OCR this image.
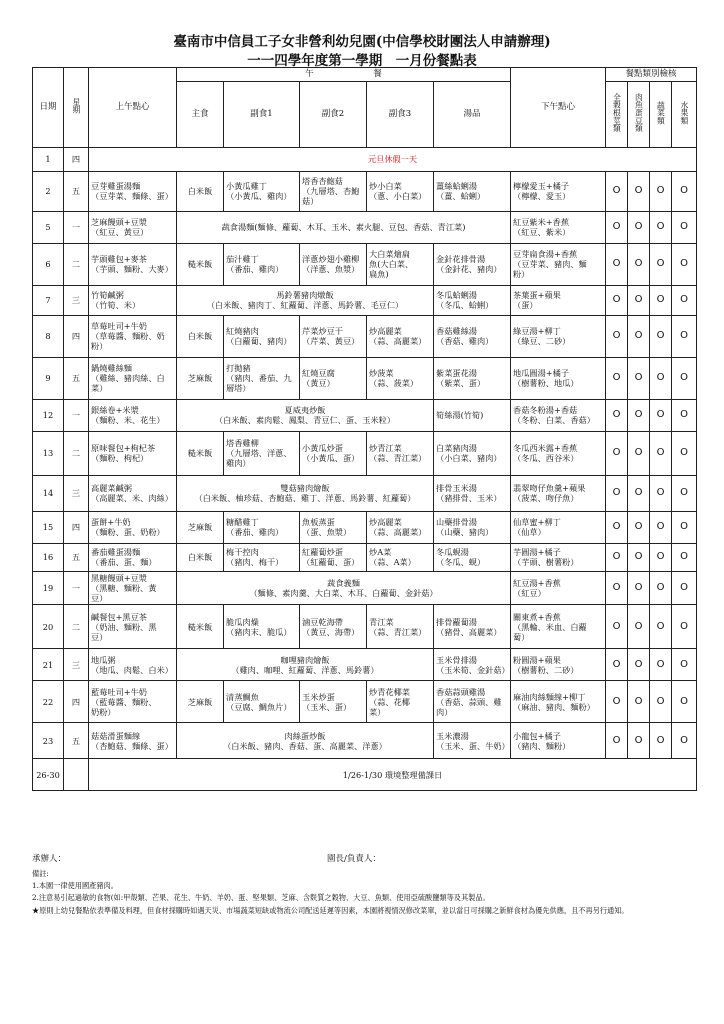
臺南市中信員工子女非營利幼兒園(中信學校財團法人申請辦理)
一一四學年度第一學期　一月份餐點表
日期	星期	上午點心	午　　　　　　　餐					下午點心	餐點類別檢核			
			主食	副食1	副食2	副食3	湯品		全穀根莖類	肉魚蛋豆類	蔬菜類	水果類
1	四	元旦休假一天										
2	五	豆芽雞蛋湯麵
（豆芽菜、麵條、蛋）	白米飯	小黃瓜雞丁
（小黃瓜、雞肉）	塔香杏鮑菇
（九層塔、杏鮑
菇）	炒小白菜
（蔥、小白菜）	薑絲蛤蜊湯
（薑、蛤蜊）	檸檬愛玉+橘子
（檸檬、愛玉）	O	O	O	O
5	一	芝麻饅頭+豆漿
（紅豆、黃豆）	蔬食湯麵(麵條、蘿蔔、木耳、玉米、素火腿、豆包、香菇、青江菜)					紅豆紫米+香蕉
（紅豆、紫米）	O	O	O	O
6	二	芋頭雞包+麥茶
（芋頭、麵粉、大麥）	糙米飯	茄汁雞丁
（番茄、雞肉）	洋蔥炒翅小雞柳
（洋蔥、魚漿）	大白菜燴扁
魚(大白菜、
扁魚)	金針花排骨湯
（金針花、豬肉）	豆芽扁食湯+香蕉
（豆芽菜、豬肉、麵
粉）	O	O	O	O
7	三	竹筍鹹粥
（竹筍、米）	馬鈴薯豬肉燉飯
（白米飯、豬肉丁、紅蘿蔔、洋蔥、馬鈴薯、毛豆仁）				冬瓜蛤蜊湯
（冬瓜、蛤蜊）	茶葉蛋+蘋果
（蛋）	O	O	O	O
8	四	草莓吐司+牛奶
（草莓醬、麵粉、奶
粉）	白米飯	紅燒豬肉
（白蘿蔔、豬肉）	芹菜炒豆干
（芹菜、黃豆）	炒高麗菜
（蒜、高麗菜）	香菇雞絲湯
（香菇、雞肉）	綠豆湯+柳丁
（綠豆、二砂）	O	O	O	O
9	五	鍋燒雞絲麵
（雞絲、豬肉絲、白
菜）	芝麻飯	打拋豬
（豬肉、番茄、九
層塔）	紅燒豆腐
（黃豆）	炒菠菜
（蒜、菠菜）	紫菜蛋花湯
（紫菜、蛋）	地瓜圓湯+橘子
（樹薯粉、地瓜）	O	O	O	O
12	一	銀絲卷+米漿
（麵粉、米、花生）	夏威夷炒飯
（白米飯、素肉鬆、鳳梨、青豆仁、蛋、玉米粒）				筍絲湯(竹筍)	香菇冬粉湯+香菇
（冬粉、白菜、香菇）	O	O	O	O
13	二	原味餐包+枸杞茶
（麵粉、枸杞）	糙米飯	塔香雞柳
（九層塔、洋蔥、
雞肉）	小黃瓜炒蛋
（小黃瓜、蛋）	炒青江菜
（蒜、青江菜）	白菜豬肉湯
（小白菜、豬肉）	冬瓜西米露+香蕉
（冬瓜、西谷米）	O	O	O	O
14	三	高麗菜鹹粥
（高麗菜、米、肉絲）	雙菇豬肉燴飯
（白米飯、柚珍菇、杏鮑菇、雞丁、洋蔥、馬鈴薯、紅蘿蔔）				排骨玉米湯
（豬排骨、玉米）	翡翠吻仔魚羹+蘋果
（菠菜、吻仔魚）	O	O	O	O
15	四	蛋餅+牛奶
（麵粉、蛋、奶粉）	芝麻飯	糖醋雞丁
（番茄、雞肉）	魚板蒸蛋
（蛋、魚漿）	炒高麗菜
（蒜、高麗菜）	山藥排骨湯
（山藥、豬肉）	仙草蜜+柳丁
（仙草）	O	O	O	O
16	五	番茄雞蛋湯麵
（番茄、蛋、麵）	白米飯	梅干控肉
（豬肉、梅干）	紅蘿蔔炒蛋
（紅蘿蔔、蛋）	炒A菜
（蒜、A菜）	冬瓜蜆湯
（冬瓜、蜆）	芋圓湯+橘子
（芋頭、樹薯粉）	O	O	O	O
19	一	黑糖饅頭+豆漿
（黑糖、麵粉、黃
豆）	蔬食義麵
（麵條、素肉羹、大白菜、木耳、白蘿蔔、金針菇）					紅豆湯+香蕉
（紅豆）	O	O	O	O
20	二	鹹餐包+黑豆茶
（奶油、麵粉、黑
豆）	糙米飯	脆瓜肉燥
（豬肉末、脆瓜）	滷豆乾海帶
（黃豆、海帶）	青江菜
（蒜、青江菜）	排骨蘿蔔湯
（豬骨、高麗菜）	關東煮+香蕉
（黑輪、米血、白蘿
蔔）	O	O	O	O
21	三	地瓜粥
（地瓜、肉鬆、白米）	咖哩豬肉燴飯
（雞肉、咖哩、紅蘿蔔、洋蔥、馬鈴薯）				玉米骨排湯
（玉米筍、金針菇）	粉圓湯+蘋果
（樹薯粉、二砂）	O	O	O	O
22	四	藍莓吐司+牛奶
（藍莓醬、麵粉、
奶粉）	芝麻飯	清蒸鯛魚
（豆腐、鯛魚片）	玉米炒蛋
（玉米、蛋）	炒青花椰菜
（蒜、花椰
菜）	香菇蒜頭雞湯
（香菇、蒜頭、雞
肉）	麻油肉絲麵線+柳丁
（麻油、豬肉、麵粉）	O	O	O	O
23	五	菇菇滑蛋麵線
（杏鮑菇、麵條、蛋）	肉絲蛋炒飯
（白米飯、豬肉、香菇、蛋、高麗菜、洋蔥）				玉米濃湯
（玉米、蛋、牛奶）	小龍包+橘子
（豬肉、麵粉）	O	O	O	O
26-30		1/26-1/30 環境整理備課日										
承辦人：	園長/負責人：
備註:
1.本園一律使用國產豬肉。
2.注意易引起過敏的食物(如:甲殼類、芒果、花生、牛奶、羊奶、蛋、堅果類、芝麻、含麩質之穀物、大豆、魚類、使用亞硫酸鹽類等及其製品。
★原則上幼兒餐點依表準備及料理，但食材採購時如遇天災、市場蔬菜短缺或物流公司配送延遲等因素，本園將視情況修改菜單，並以當日可採購之新鮮食材為優先供應，且不再另行通知。
